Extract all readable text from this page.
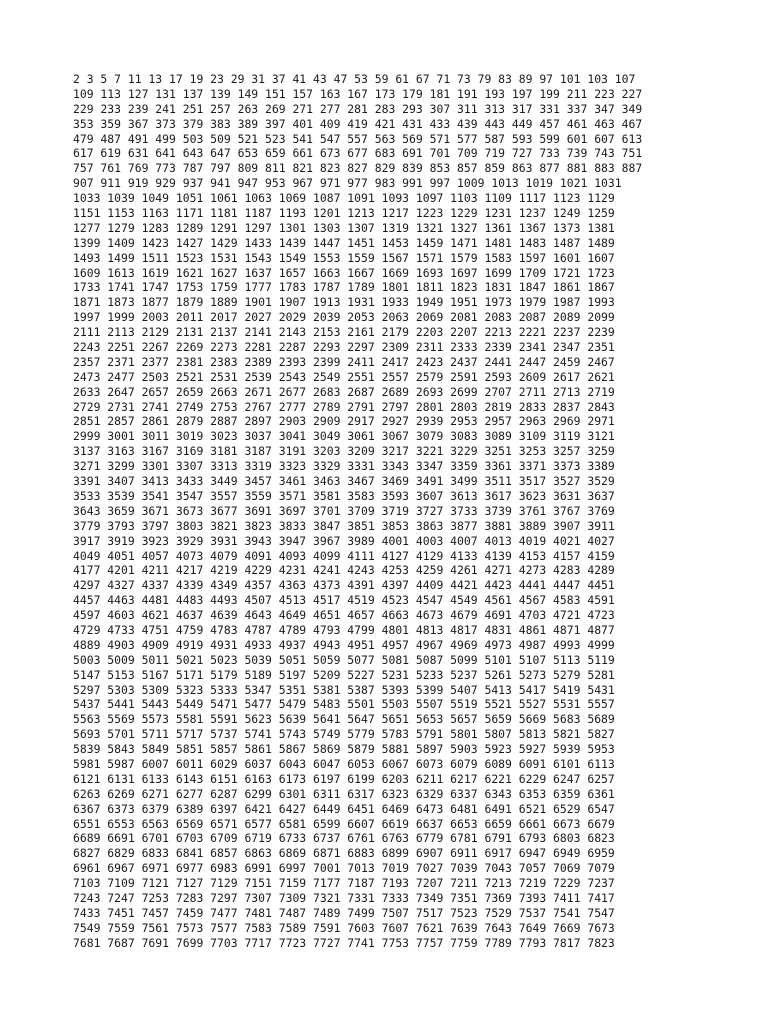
2 3 5 7 11 13 17 19 23 29 31 37 41 43 47 53 59 61 67 71 73 79 83 89 97 101 103 107
109 113 127 131 137 139 149 151 157 163 167 173 179 181 191 193 197 199 211 223 227
229 233 239 241 251 257 263 269 271 277 281 283 293 307 311 313 317 331 337 347 349
353 359 367 373 379 383 389 397 401 409 419 421 431 433 439 443 449 457 461 463 467
479 487 491 499 503 509 521 523 541 547 557 563 569 571 577 587 593 599 601 607 613
617 619 631 641 643 647 653 659 661 673 677 683 691 701 709 719 727 733 739 743 751
757 761 769 773 787 797 809 811 821 823 827 829 839 853 857 859 863 877 881 883 887
907 911 919 929 937 941 947 953 967 971 977 983 991 997 1009 1013 1019 1021 1031
1033 1039 1049 1051 1061 1063 1069 1087 1091 1093 1097 1103 1109 1117 1123 1129
1151 1153 1163 1171 1181 1187 1193 1201 1213 1217 1223 1229 1231 1237 1249 1259
1277 1279 1283 1289 1291 1297 1301 1303 1307 1319 1321 1327 1361 1367 1373 1381
1399 1409 1423 1427 1429 1433 1439 1447 1451 1453 1459 1471 1481 1483 1487 1489
1493 1499 1511 1523 1531 1543 1549 1553 1559 1567 1571 1579 1583 1597 1601 1607
1609 1613 1619 1621 1627 1637 1657 1663 1667 1669 1693 1697 1699 1709 1721 1723
1733 1741 1747 1753 1759 1777 1783 1787 1789 1801 1811 1823 1831 1847 1861 1867
1871 1873 1877 1879 1889 1901 1907 1913 1931 1933 1949 1951 1973 1979 1987 1993
1997 1999 2003 2011 2017 2027 2029 2039 2053 2063 2069 2081 2083 2087 2089 2099
2111 2113 2129 2131 2137 2141 2143 2153 2161 2179 2203 2207 2213 2221 2237 2239
2243 2251 2267 2269 2273 2281 2287 2293 2297 2309 2311 2333 2339 2341 2347 2351
2357 2371 2377 2381 2383 2389 2393 2399 2411 2417 2423 2437 2441 2447 2459 2467
2473 2477 2503 2521 2531 2539 2543 2549 2551 2557 2579 2591 2593 2609 2617 2621
2633 2647 2657 2659 2663 2671 2677 2683 2687 2689 2693 2699 2707 2711 2713 2719
2729 2731 2741 2749 2753 2767 2777 2789 2791 2797 2801 2803 2819 2833 2837 2843
2851 2857 2861 2879 2887 2897 2903 2909 2917 2927 2939 2953 2957 2963 2969 2971
2999 3001 3011 3019 3023 3037 3041 3049 3061 3067 3079 3083 3089 3109 3119 3121
3137 3163 3167 3169 3181 3187 3191 3203 3209 3217 3221 3229 3251 3253 3257 3259
3271 3299 3301 3307 3313 3319 3323 3329 3331 3343 3347 3359 3361 3371 3373 3389
3391 3407 3413 3433 3449 3457 3461 3463 3467 3469 3491 3499 3511 3517 3527 3529
3533 3539 3541 3547 3557 3559 3571 3581 3583 3593 3607 3613 3617 3623 3631 3637
3643 3659 3671 3673 3677 3691 3697 3701 3709 3719 3727 3733 3739 3761 3767 3769
3779 3793 3797 3803 3821 3823 3833 3847 3851 3853 3863 3877 3881 3889 3907 3911
3917 3919 3923 3929 3931 3943 3947 3967 3989 4001 4003 4007 4013 4019 4021 4027
4049 4051 4057 4073 4079 4091 4093 4099 4111 4127 4129 4133 4139 4153 4157 4159
4177 4201 4211 4217 4219 4229 4231 4241 4243 4253 4259 4261 4271 4273 4283 4289
4297 4327 4337 4339 4349 4357 4363 4373 4391 4397 4409 4421 4423 4441 4447 4451
4457 4463 4481 4483 4493 4507 4513 4517 4519 4523 4547 4549 4561 4567 4583 4591
4597 4603 4621 4637 4639 4643 4649 4651 4657 4663 4673 4679 4691 4703 4721 4723
4729 4733 4751 4759 4783 4787 4789 4793 4799 4801 4813 4817 4831 4861 4871 4877
4889 4903 4909 4919 4931 4933 4937 4943 4951 4957 4967 4969 4973 4987 4993 4999
5003 5009 5011 5021 5023 5039 5051 5059 5077 5081 5087 5099 5101 5107 5113 5119
5147 5153 5167 5171 5179 5189 5197 5209 5227 5231 5233 5237 5261 5273 5279 5281
5297 5303 5309 5323 5333 5347 5351 5381 5387 5393 5399 5407 5413 5417 5419 5431
5437 5441 5443 5449 5471 5477 5479 5483 5501 5503 5507 5519 5521 5527 5531 5557
5563 5569 5573 5581 5591 5623 5639 5641 5647 5651 5653 5657 5659 5669 5683 5689
5693 5701 5711 5717 5737 5741 5743 5749 5779 5783 5791 5801 5807 5813 5821 5827
5839 5843 5849 5851 5857 5861 5867 5869 5879 5881 5897 5903 5923 5927 5939 5953
5981 5987 6007 6011 6029 6037 6043 6047 6053 6067 6073 6079 6089 6091 6101 6113
6121 6131 6133 6143 6151 6163 6173 6197 6199 6203 6211 6217 6221 6229 6247 6257
6263 6269 6271 6277 6287 6299 6301 6311 6317 6323 6329 6337 6343 6353 6359 6361
6367 6373 6379 6389 6397 6421 6427 6449 6451 6469 6473 6481 6491 6521 6529 6547
6551 6553 6563 6569 6571 6577 6581 6599 6607 6619 6637 6653 6659 6661 6673 6679
6689 6691 6701 6703 6709 6719 6733 6737 6761 6763 6779 6781 6791 6793 6803 6823
6827 6829 6833 6841 6857 6863 6869 6871 6883 6899 6907 6911 6917 6947 6949 6959
6961 6967 6971 6977 6983 6991 6997 7001 7013 7019 7027 7039 7043 7057 7069 7079
7103 7109 7121 7127 7129 7151 7159 7177 7187 7193 7207 7211 7213 7219 7229 7237
7243 7247 7253 7283 7297 7307 7309 7321 7331 7333 7349 7351 7369 7393 7411 7417
7433 7451 7457 7459 7477 7481 7487 7489 7499 7507 7517 7523 7529 7537 7541 7547
7549 7559 7561 7573 7577 7583 7589 7591 7603 7607 7621 7639 7643 7649 7669 7673
7681 7687 7691 7699 7703 7717 7723 7727 7741 7753 7757 7759 7789 7793 7817 7823
